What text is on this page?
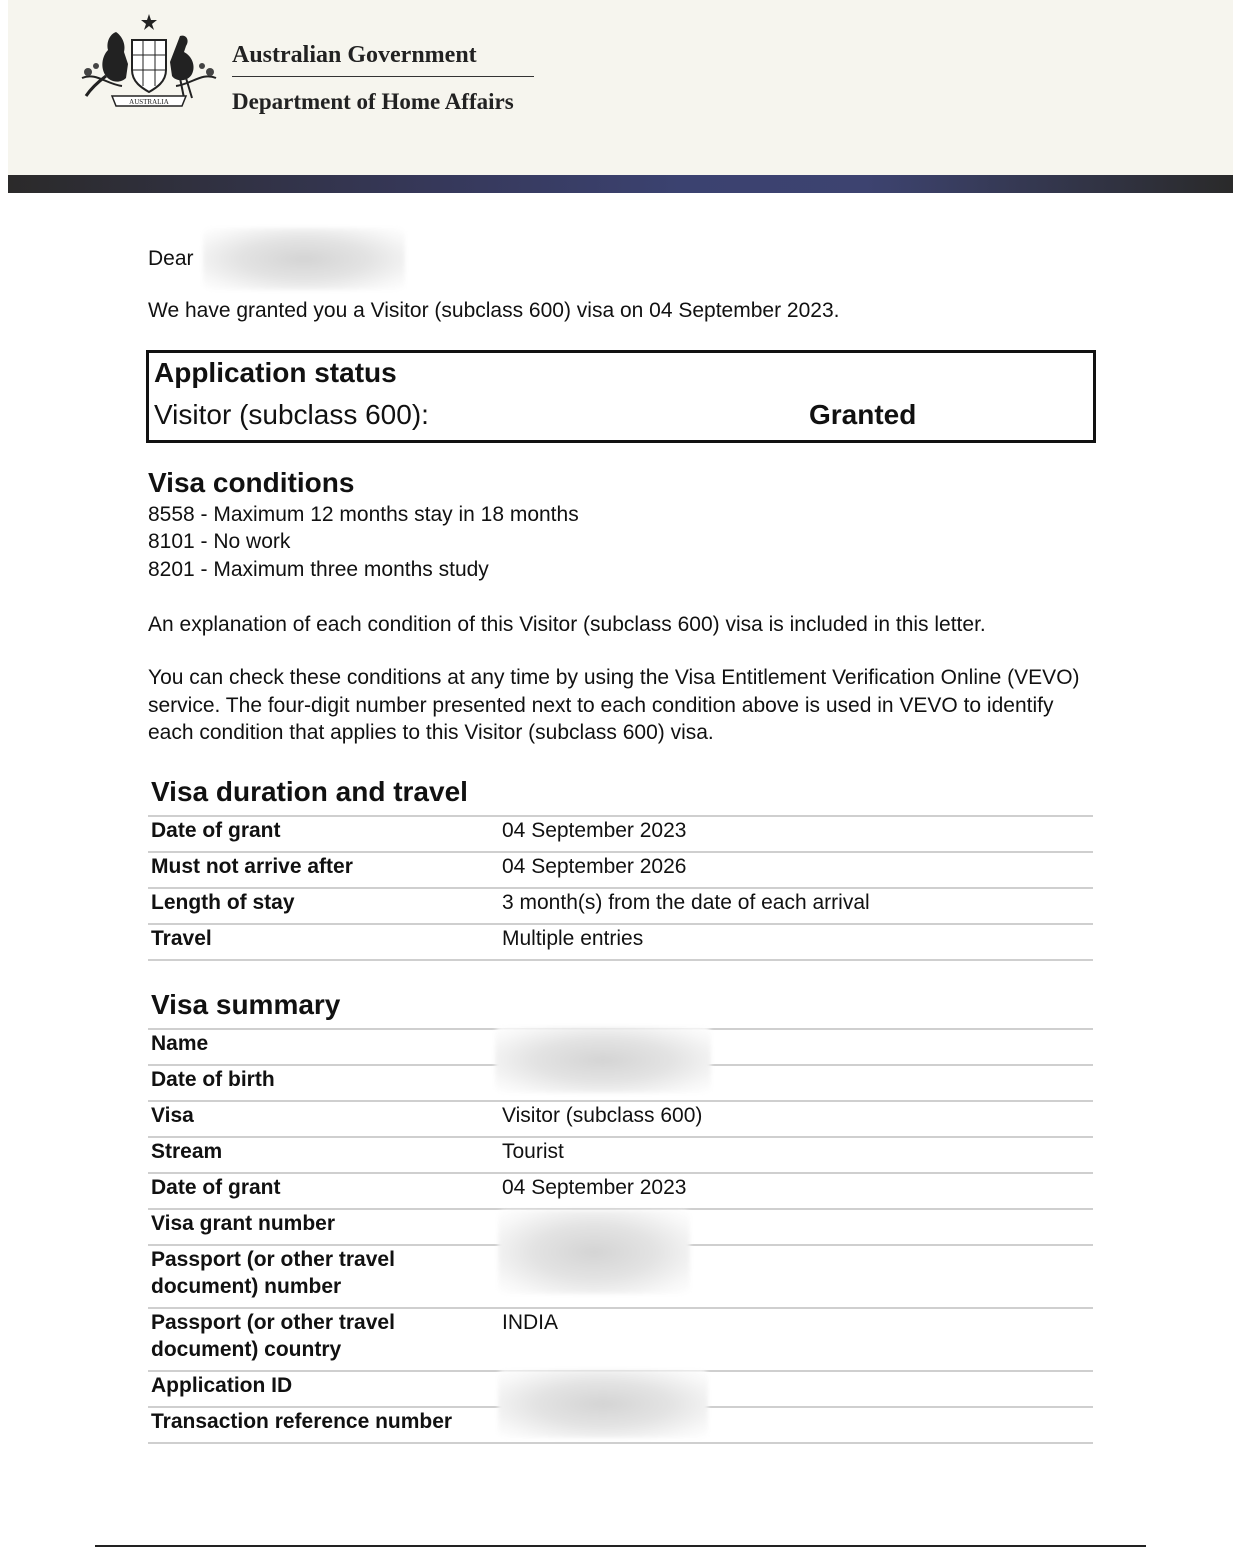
AUSTRALIA
Australian Government
Department of Home Affairs
Dear
We have granted you a Visitor (subclass 600) visa on 04 September 2023.
Application status
Visitor (subclass 600):	Granted
Visa conditions
8558 - Maximum 12 months stay in 18 months
8101 - No work
8201 - Maximum three months study
An explanation of each condition of this Visitor (subclass 600) visa is included in this letter.
You can check these conditions at any time by using the Visa Entitlement Verification Online (VEVO) service. The four-digit number presented next to each condition above is used in VEVO to identify each condition that applies to this Visitor (subclass 600) visa.
Visa duration and travel
Date of grant	04 September 2023
Must not arrive after	04 September 2026
Length of stay	3 month(s) from the date of each arrival
Travel	Multiple entries
Visa summary
Name	
Date of birth	
Visa	Visitor (subclass 600)
Stream	Tourist
Date of grant	04 September 2023
Visa grant number	
Passport (or other travel document) number	
Passport (or other travel document) country	INDIA
Application ID	
Transaction reference number	
